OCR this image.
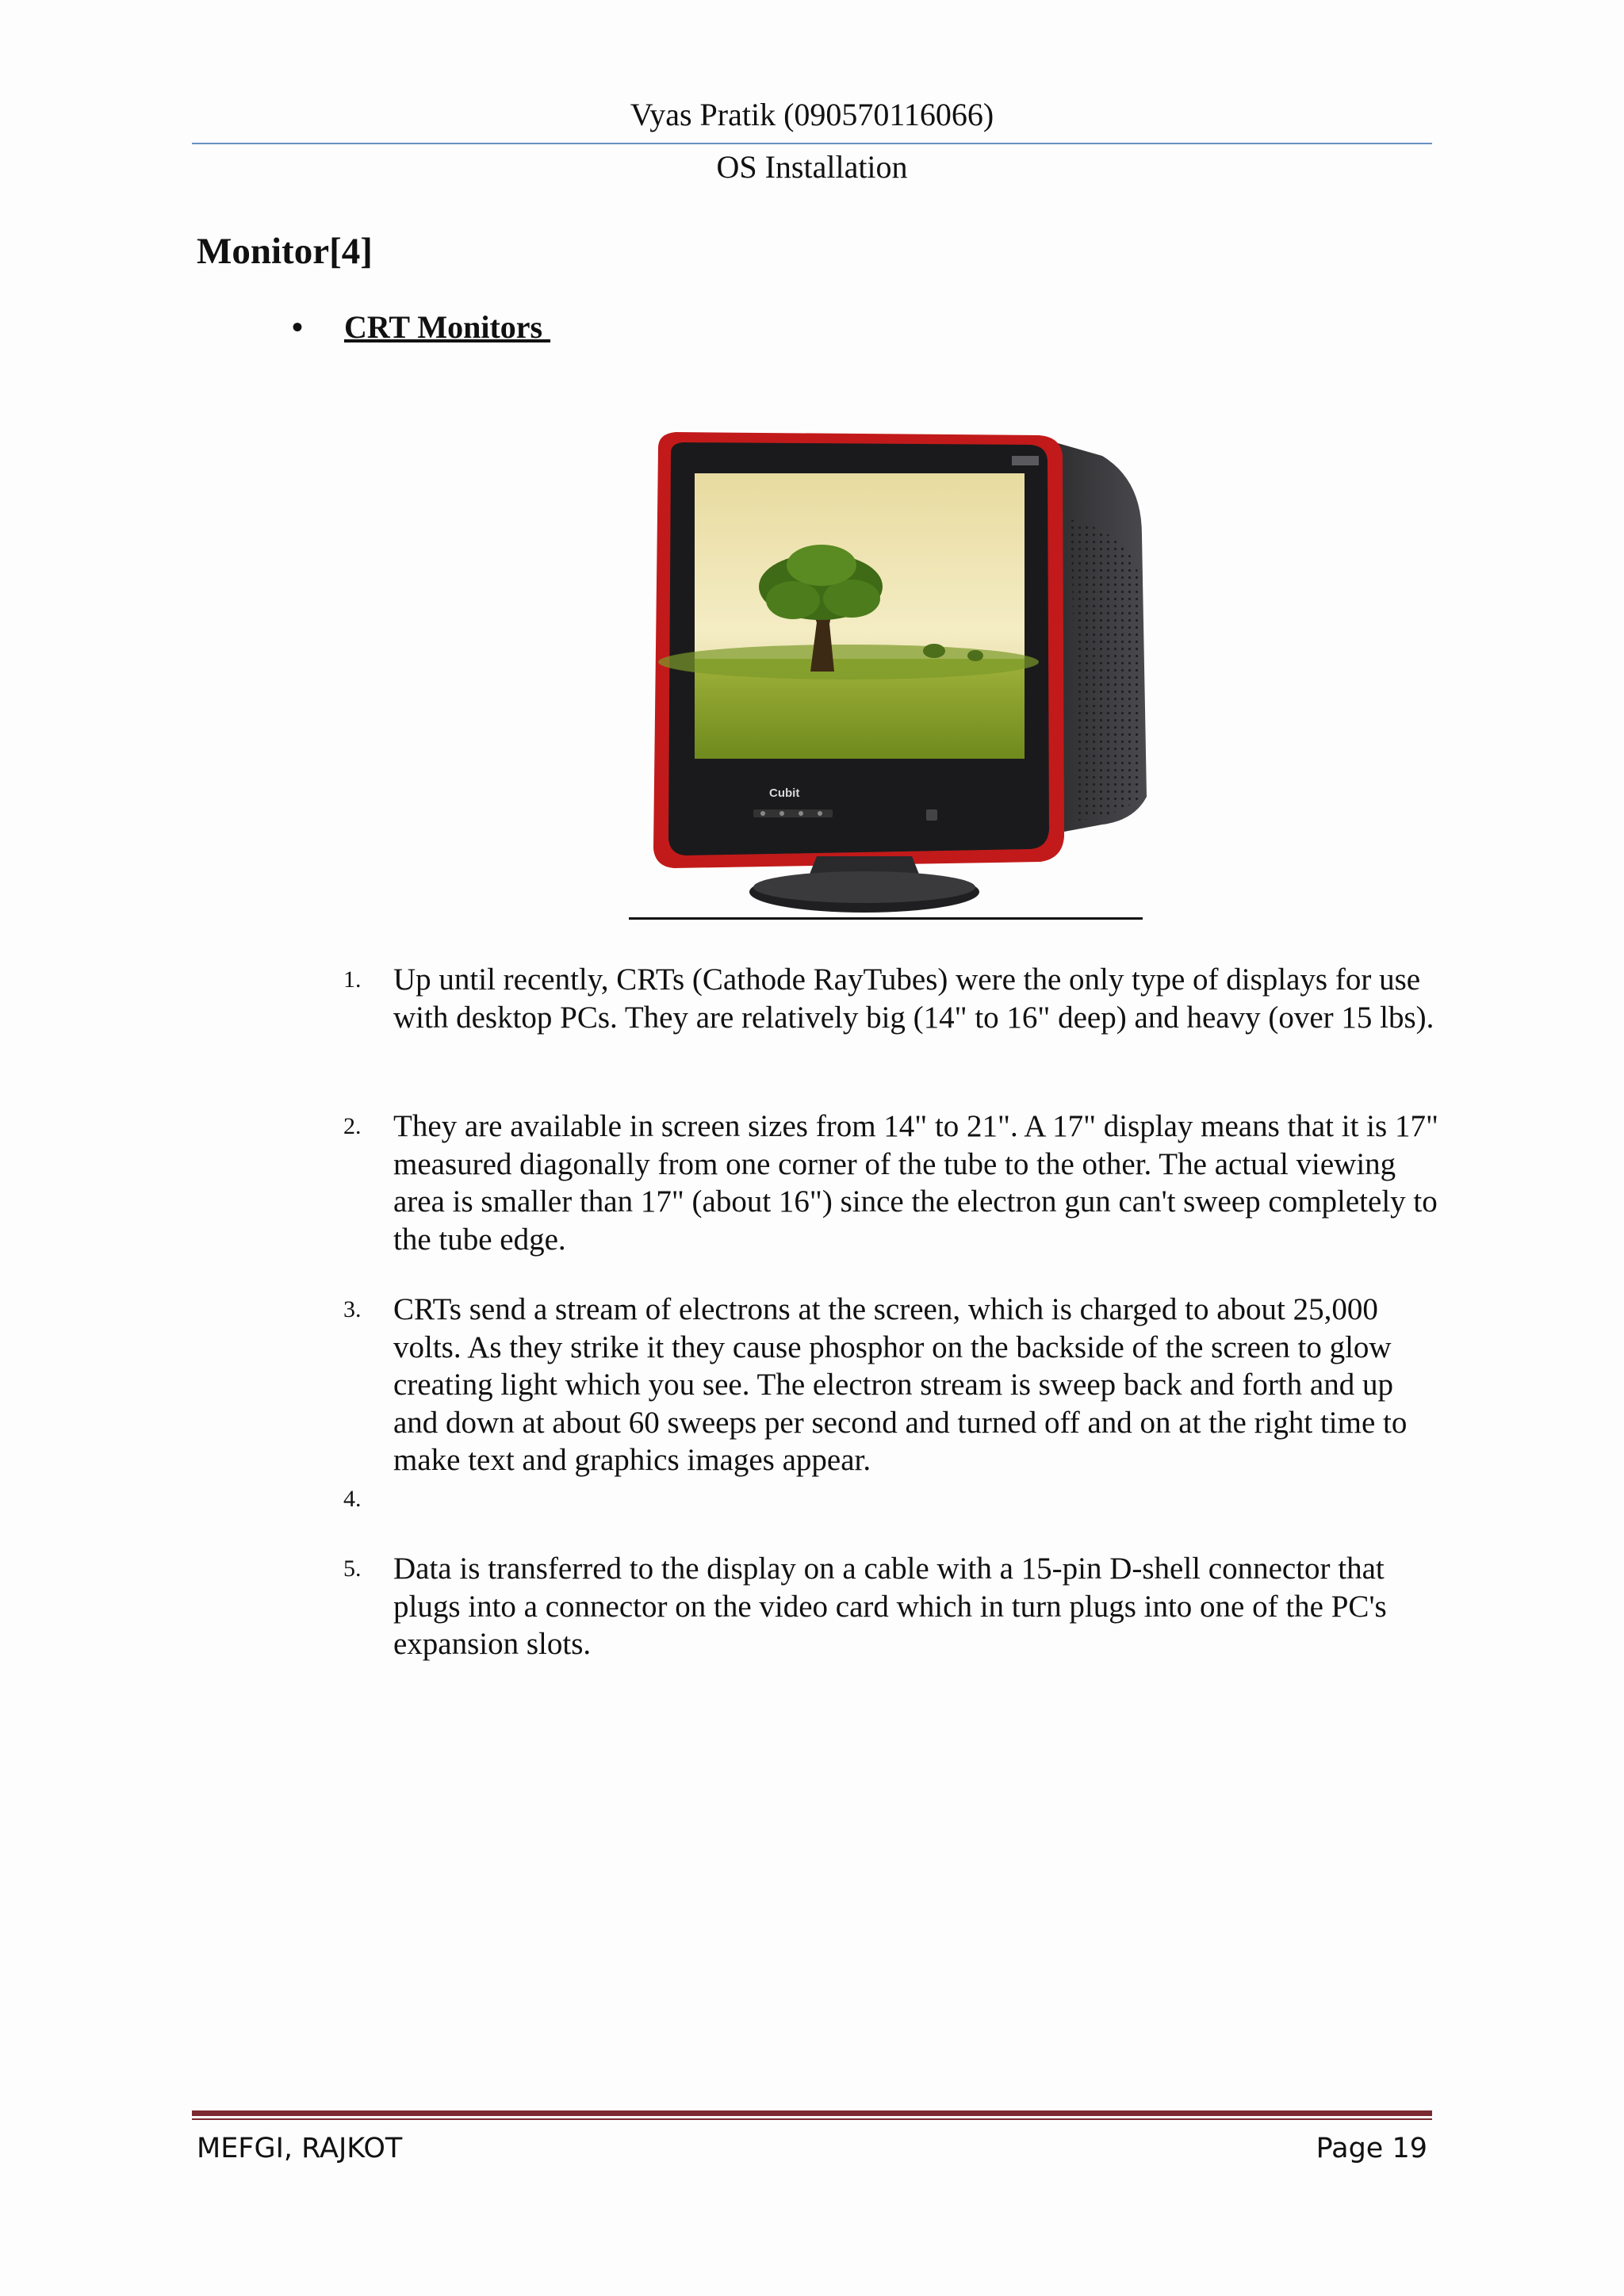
Vyas Pratik (090570116066)
OS Installation
Monitor[4]
• CRT Monitors
Cubit
1. Up until recently, CRTs (Cathode RayTubes) were the only type of displays for use with desktop PCs. They are relatively big (14" to 16" deep) and heavy (over 15 lbs).
2. They are available in screen sizes from 14" to 21". A 17" display means that it is 17" measured diagonally from one corner of the tube to the other. The actual viewing area is smaller than 17" (about 16") since the electron gun can't sweep completely to the tube edge.
3. CRTs send a stream of electrons at the screen, which is charged to about 25,000 volts. As they strike it they cause phosphor on the backside of the screen to glow creating light which you see. The electron stream is sweep back and forth and up and down at about 60 sweeps per second and turned off and on at the right time to make text and graphics images appear.
4.
5. Data is transferred to the display on a cable with a 15-pin D-shell connector that plugs into a connector on the video card which in turn plugs into one of the PC's expansion slots.
MEFGI, RAJKOT	Page 19
